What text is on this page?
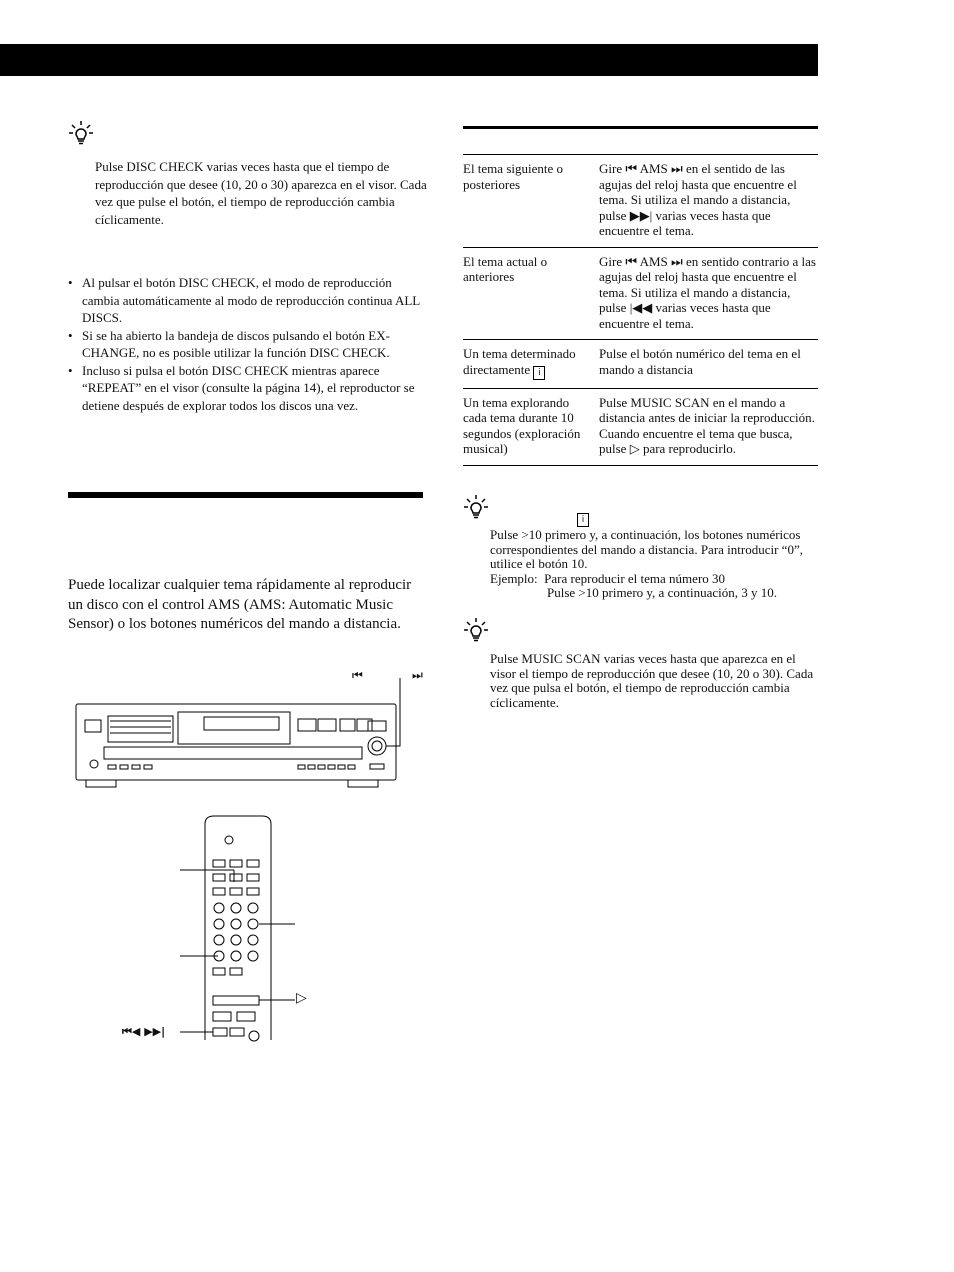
Pulse DISC CHECK varias veces hasta que el tiempo de reproducción que desee (10, 20 o 30) aparezca en el visor. Cada vez que pulse el botón, el tiempo de reproducción cambia cíclicamente.
• Al pulsar el botón DISC CHECK, el modo de reproducción cambia automáticamente al modo de reproducción continua ALL DISCS.
• Si se ha abierto la bandeja de discos pulsando el botón EX-CHANGE, no es posible utilizar la función DISC CHECK.
• Incluso si pulsa el botón DISC CHECK mientras aparece “REPEAT” en el visor (consulte la página 14), el reproductor se detiene después de explorar todos los discos una vez.
Puede localizar cualquier tema rápidamente al reproducir un disco con el control AMS (AMS: Automatic Music Sensor) o los botones numéricos del mando a distancia.
⏮	⏭
▷
⏮◀ ▶▶|
El tema siguiente o posteriores	Gire ⏮ AMS ⏭ en el sentido de las agujas del reloj hasta que encuentre el tema. Si utiliza el mando a distancia, pulse ▶▶| varias veces hasta que encuentre el tema.
El tema actual o anteriores	Gire ⏮ AMS ⏭ en sentido contrario a las agujas del reloj hasta que encuentre el tema. Si utiliza el mando a distancia, pulse |◀◀ varias veces hasta que encuentre el tema.
Un tema determinado directamente i	Pulse el botón numérico del tema en el mando a distancia
Un tema explorando cada tema durante 10 segundos (exploración musical)	Pulse MUSIC SCAN en el mando a distancia antes de iniciar la reproducción. Cuando encuentre el tema que busca, pulse ▷ para reproducirlo.
i
Pulse >10 primero y, a continuación, los botones numéricos correspondientes del mando a distancia. Para introducir “0”, utilice el botón 10.
Ejemplo: Para reproducir el tema número 30
Pulse >10 primero y, a continuación, 3 y 10.
Pulse MUSIC SCAN varias veces hasta que aparezca en el visor el tiempo de reproducción que desee (10, 20 o 30). Cada vez que pulsa el botón, el tiempo de reproducción cambia cíclicamente.
